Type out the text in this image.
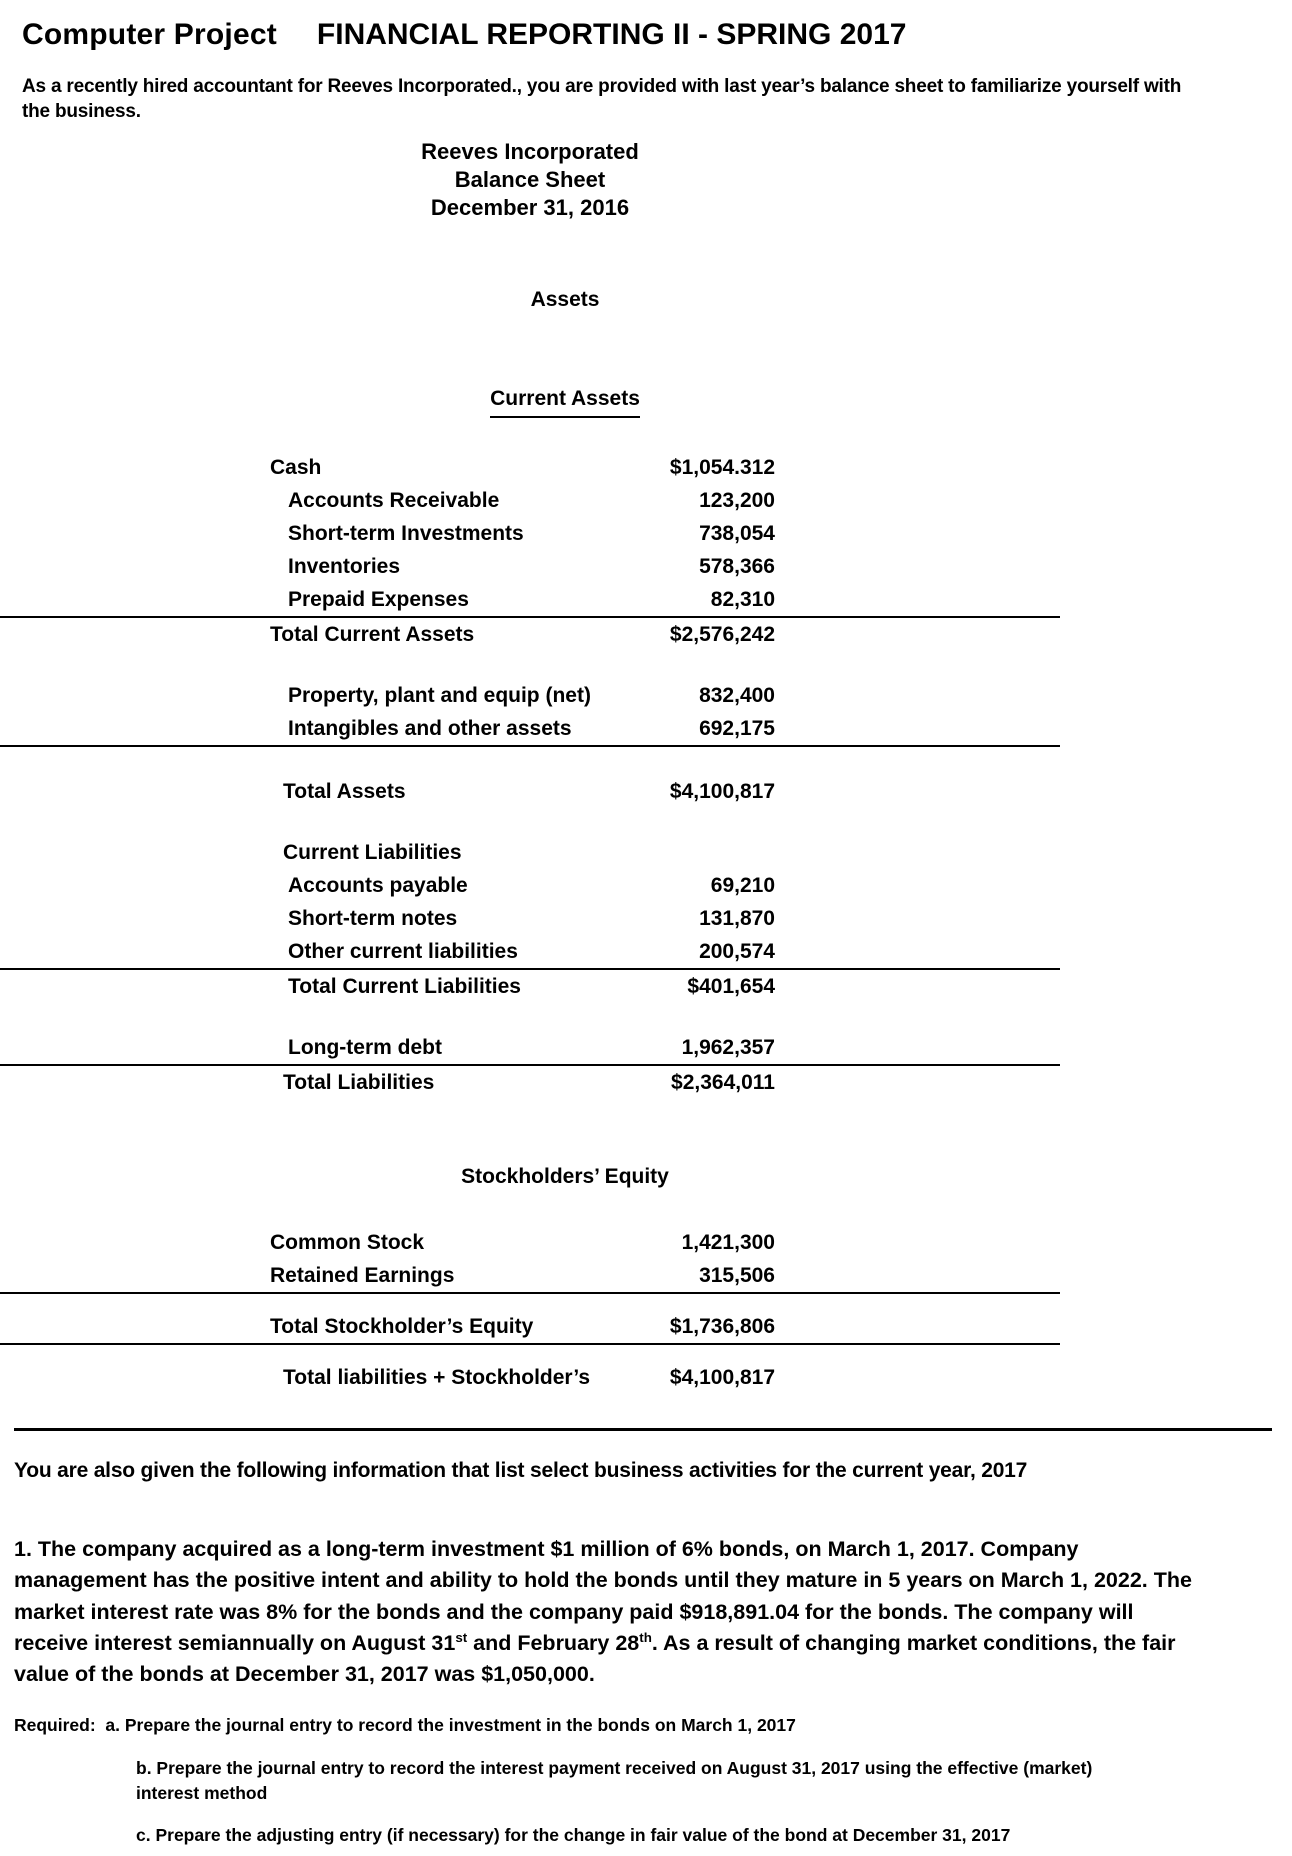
Computer Project FINANCIAL REPORTING II - SPRING 2017
As a recently hired accountant for Reeves Incorporated., you are provided with last year’s balance sheet to familiarize yourself with the business.
Reeves Incorporated
Balance Sheet
December 31, 2016

Assets	

Current Assets	

Cash	$1,054.312
Accounts Receivable	123,200
Short-term Investments	738,054
Inventories	578,366
Prepaid Expenses	82,310
Total Current Assets	$2,576,242

Property, plant and equip (net)	832,400
Intangibles and other assets	692,175

Total Assets	$4,100,817

Current Liabilities	
Accounts payable	69,210
Short-term notes	131,870
Other current liabilities	200,574
Total Current Liabilities	$401,654

Long-term debt	1,962,357
Total Liabilities	$2,364,011

Stockholders’ Equity	

Common Stock	1,421,300
Retained Earnings	315,506

Total Stockholder’s Equity	$1,736,806

Total liabilities + Stockholder’s	$4,100,817
You are also given the following information that list select business activities for the current year, 2017
1. The company acquired as a long-term investment $1 million of 6% bonds, on March 1, 2017. Company management has the positive intent and ability to hold the bonds until they mature in 5 years on March 1, 2022. The market interest rate was 8% for the bonds and the company paid $918,891.04 for the bonds. The company will receive interest semiannually on August 31st and February 28th. As a result of changing market conditions, the fair value of the bonds at December 31, 2017 was $1,050,000.
Required:
a. Prepare the journal entry to record the investment in the bonds on March 1, 2017
b. Prepare the journal entry to record the interest payment received on August 31, 2017 using the effective (market) interest method
c. Prepare the adjusting entry (if necessary) for the change in fair value of the bond at December 31, 2017
